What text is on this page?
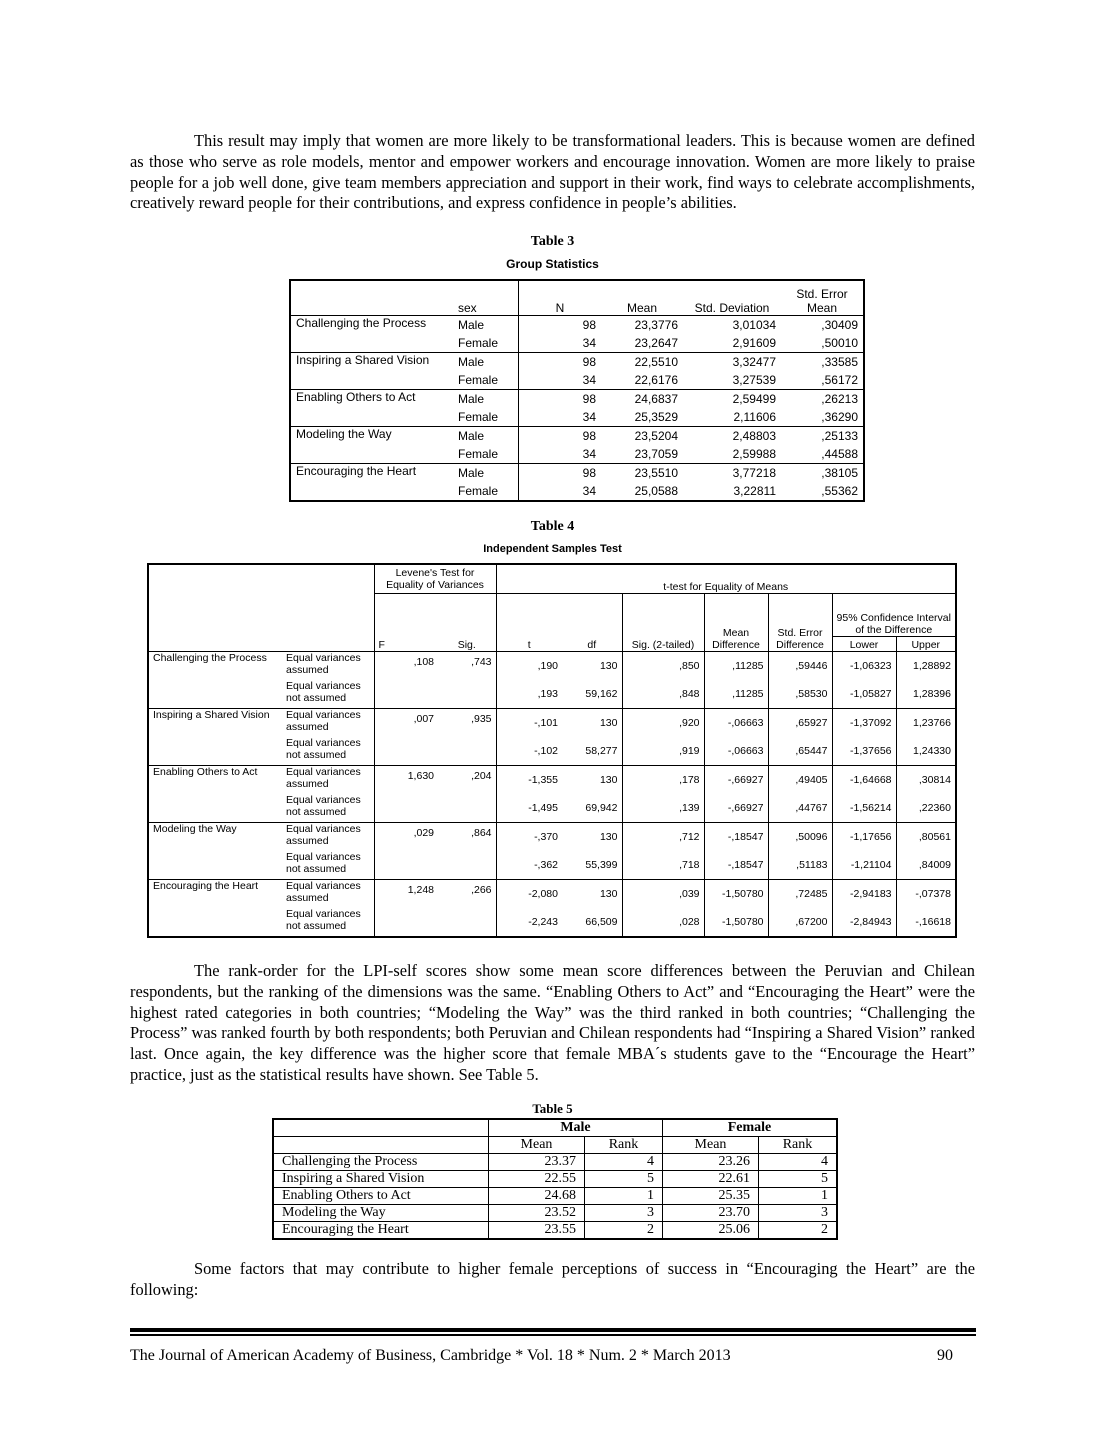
This result may imply that women are more likely to be transformational leaders. This is because women are defined as those who serve as role models, mentor and empower workers and encourage innovation. Women are more likely to praise people for a job well done, give team members appreciation and support in their work, find ways to celebrate accomplishments, creatively reward people for their contributions, and express confidence in people’s abilities.

Table 3
Group Statistics
	sex	N	Mean	Std. Deviation	Std. Error Mean
Challenging the Process	Male	98	23,3776	3,01034	,30409
	Female	34	23,2647	2,91609	,50010
Inspiring a Shared Vision	Male	98	22,5510	3,32477	,33585
	Female	34	22,6176	3,27539	,56172
Enabling Others to Act	Male	98	24,6837	2,59499	,26213
	Female	34	25,3529	2,11606	,36290
Modeling the Way	Male	98	23,5204	2,48803	,25133
	Female	34	23,7059	2,59988	,44588
Encouraging the Heart	Male	98	23,5510	3,77218	,38105
	Female	34	25,0588	3,22811	,55362
Table 4
Independent Samples Test
		Levene's Test for Equality of Variances		t-test for Equality of Means						
		F	Sig.	t	df	Sig. (2-tailed)	Mean Difference	Std. Error Difference	95% Confidence Interval of the Difference	
									Lower	Upper
Challenging the Process	Equal variances assumed	,108	,743	,190	130	,850	,11285	,59446	-1,06323	1,28892
	Equal variances not assumed			,193	59,162	,848	,11285	,58530	-1,05827	1,28396
Inspiring a Shared Vision	Equal variances assumed	,007	,935	-,101	130	,920	-,06663	,65927	-1,37092	1,23766
	Equal variances not assumed			-,102	58,277	,919	-,06663	,65447	-1,37656	1,24330
Enabling Others to Act	Equal variances assumed	1,630	,204	-1,355	130	,178	-,66927	,49405	-1,64668	,30814
	Equal variances not assumed			-1,495	69,942	,139	-,66927	,44767	-1,56214	,22360
Modeling the Way	Equal variances assumed	,029	,864	-,370	130	,712	-,18547	,50096	-1,17656	,80561
	Equal variances not assumed			-,362	55,399	,718	-,18547	,51183	-1,21104	,84009
Encouraging the Heart	Equal variances assumed	1,248	,266	-2,080	130	,039	-1,50780	,72485	-2,94183	-,07378
	Equal variances not assumed			-2,243	66,509	,028	-1,50780	,67200	-2,84943	-,16618

The rank-order for the LPI-self scores show some mean score differences between the Peruvian and Chilean respondents, but the ranking of the dimensions was the same. “Enabling Others to Act” and “Encouraging the Heart” were the highest rated categories in both countries; “Modeling the Way” was the third ranked in both countries; “Challenging the Process” was ranked fourth by both respondents; both Peruvian and Chilean respondents had “Inspiring a Shared Vision” ranked last. Once again, the key difference was the higher score that female MBA´s students gave to the “Encourage the Heart” practice, just as the statistical results have shown. See Table 5.

Table 5
	Male		Female	
	Mean	Rank	Mean	Rank
Challenging the Process	23.37	4	23.26	4
Inspiring a Shared Vision	22.55	5	22.61	5
Enabling Others to Act	24.68	1	25.35	1
Modeling the Way	23.52	3	23.70	3
Encouraging the Heart	23.55	2	25.06	2

Some factors that may contribute to higher female perceptions of success in “Encouraging the Heart” are the following:

The Journal of American Academy of Business, Cambridge * Vol. 18 * Num. 2 * March 2013	90
